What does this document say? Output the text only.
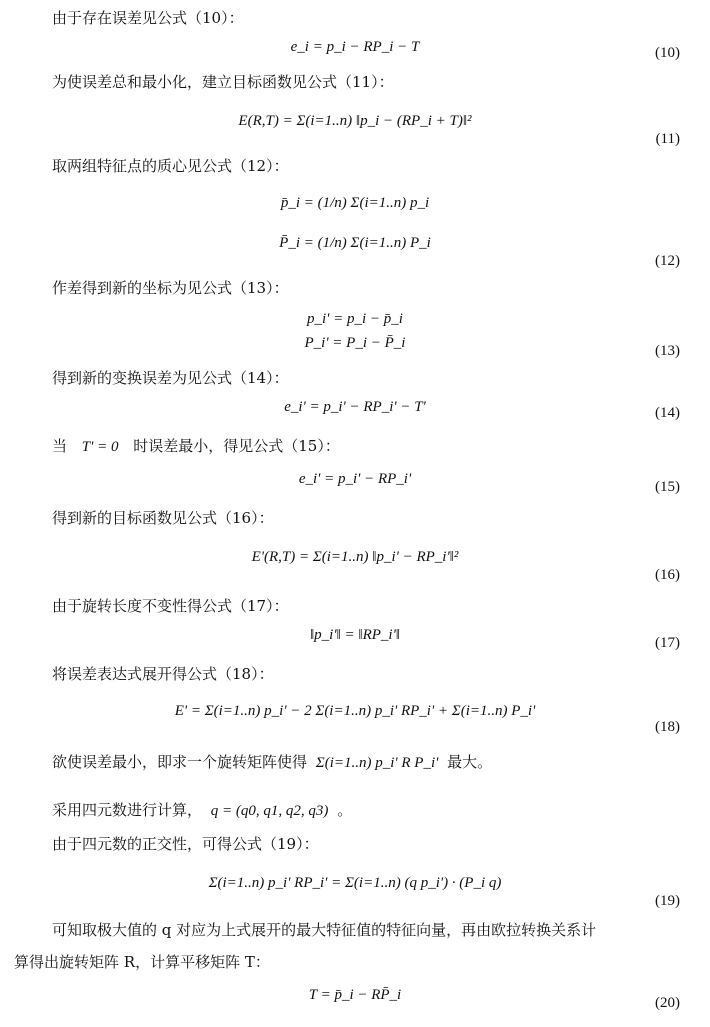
由于存在误差见公式（10）：
e_i = p_i − RP_i − T	(10)
为使误差总和最小化，建立目标函数见公式（11）：
E(R,T) = Σ(i=1..n) ‖p_i − (RP_i + T)‖²
(11)
取两组特征点的质心见公式（12）：
p̄_i = (1/n) Σ(i=1..n) p_i
P̄_i = (1/n) Σ(i=1..n) P_i
(12)
作差得到新的坐标为见公式（13）：
p_i' = p_i − p̄_i
P_i' = P_i − P̄_i	(13)
得到新的变换误差为见公式（14）：
e_i' = p_i' − RP_i' − T'	(14)
当 T' = 0 时误差最小，得见公式（15）：
e_i' = p_i' − RP_i'	(15)
得到新的目标函数见公式（16）：
E'(R,T) = Σ(i=1..n) ‖p_i' − RP_i'‖²
(16)
由于旋转长度不变性得公式（17）：
‖p_i'‖ = ‖RP_i'‖	(17)
将误差表达式展开得公式（18）：
E' = Σ(i=1..n) p_i' − 2 Σ(i=1..n) p_i' RP_i' + Σ(i=1..n) P_i'
(18)
欲使误差最小，即求一个旋转矩阵使得 Σ(i=1..n) p_i' R P_i' 最大。
采用四元数进行计算， q = (q0, q1, q2, q3) 。
由于四元数的正交性，可得公式（19）：
Σ(i=1..n) p_i' RP_i' = Σ(i=1..n) (q p_i') · (P_i q)
(19)
可知取极大值的 q 对应为上式展开的最大特征值的特征向量，再由欧拉转换关系计
算得出旋转矩阵 R，计算平移矩阵 T：
T = p̄_i − RP̄_i	(20)
